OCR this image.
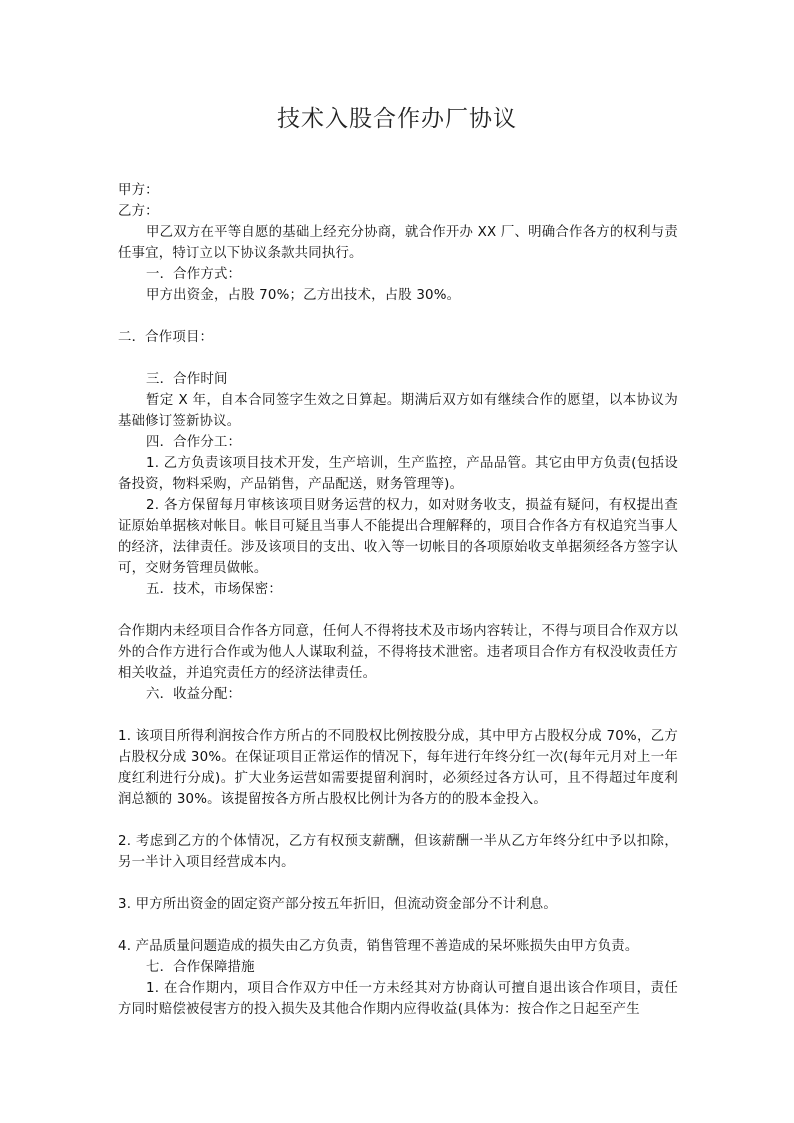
技术入股合作办厂协议

甲方：

乙方：

甲乙双方在平等自愿的基础上经充分协商，就合作开办 XX 厂、明确合作各方的权利与责任事宜，特订立以下协议条款共同执行。

一．合作方式：

甲方出资金，占股 70%；乙方出技术，占股 30%。

二．合作项目：

三．合作时间

暂定 X 年，自本合同签字生效之日算起。期满后双方如有继续合作的愿望，以本协议为基础修订签新协议。

四．合作分工：

1. 乙方负责该项目技术开发，生产培训，生产监控，产品品管。其它由甲方负责(包括设备投资，物料采购，产品销售，产品配送，财务管理等)。

2. 各方保留每月审核该项目财务运营的权力，如对财务收支，损益有疑问，有权提出查证原始单据核对帐目。帐目可疑且当事人不能提出合理解释的，项目合作各方有权追究当事人的经济，法律责任。涉及该项目的支出、收入等一切帐目的各项原始收支单据须经各方签字认可，交财务管理员做帐。

五．技术，市场保密：

合作期内未经项目合作各方同意，任何人不得将技术及市场内容转让，不得与项目合作双方以外的合作方进行合作或为他人人谋取利益，不得将技术泄密。违者项目合作方有权没收责任方相关收益，并追究责任方的经济法律责任。

六．收益分配：

1. 该项目所得利润按合作方所占的不同股权比例按股分成，其中甲方占股权分成 70%，乙方占股权分成 30%。在保证项目正常运作的情况下，每年进行年终分红一次(每年元月对上一年度红利进行分成)。扩大业务运营如需要提留利润时，必须经过各方认可，且不得超过年度利润总额的 30%。该提留按各方所占股权比例计为各方的的股本金投入。

2. 考虑到乙方的个体情况，乙方有权预支薪酬，但该薪酬一半从乙方年终分红中予以扣除，另一半计入项目经营成本内。

3. 甲方所出资金的固定资产部分按五年折旧，但流动资金部分不计利息。

4. 产品质量问题造成的损失由乙方负责，销售管理不善造成的呆坏账损失由甲方负责。

七．合作保障措施

1. 在合作期内，项目合作双方中任一方未经其对方协商认可擅自退出该合作项目，责任方同时赔偿被侵害方的投入损失及其他合作期内应得收益(具体为：按合作之日起至产生
